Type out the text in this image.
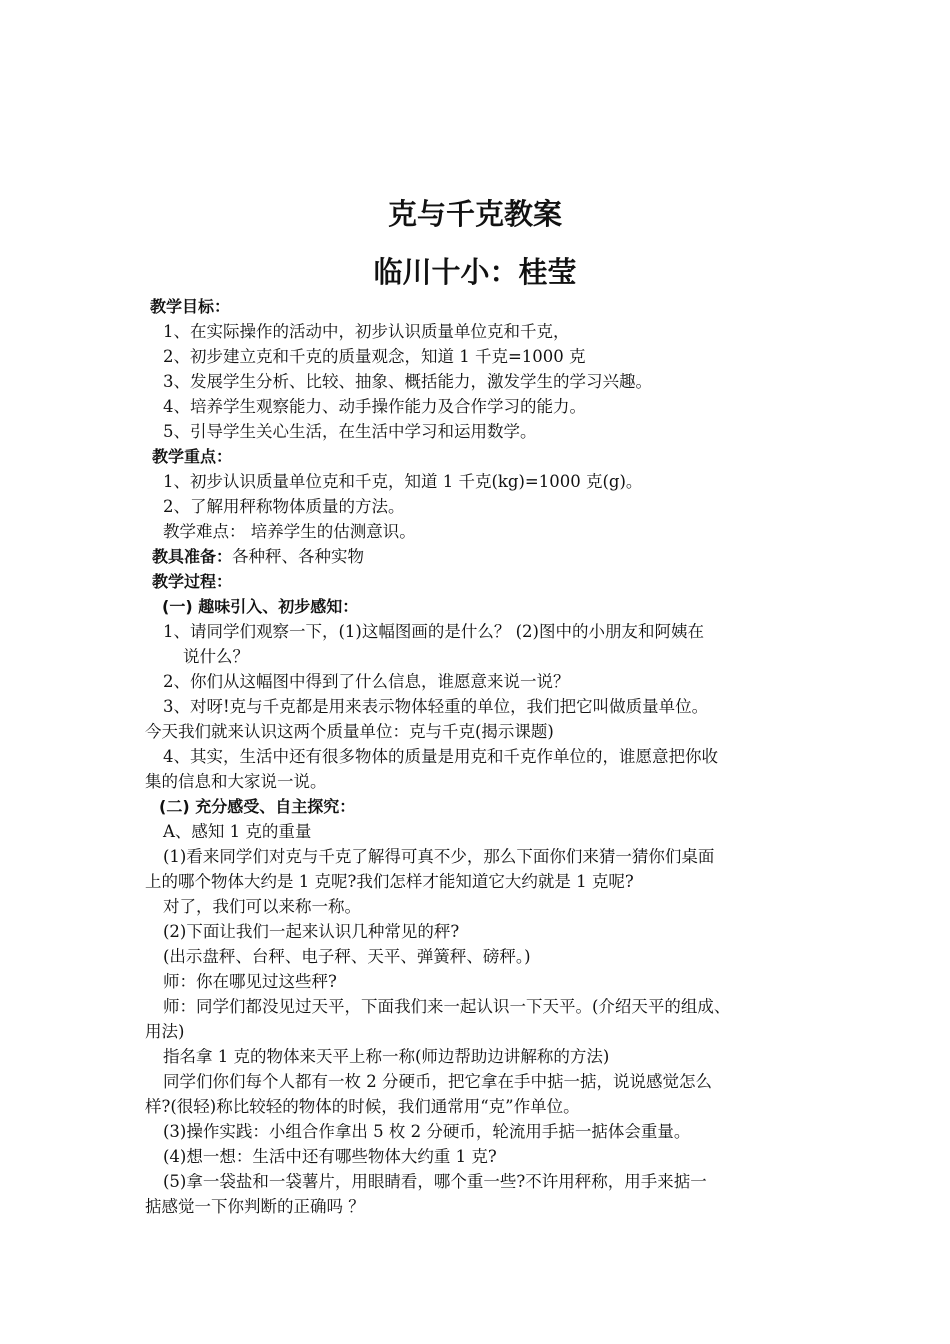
克与千克教案
临川十小：桂莹

教学目标：

1、在实际操作的活动中，初步认识质量单位克和千克，

2、初步建立克和千克的质量观念，知道 1 千克=1000 克

3、发展学生分析、比较、抽象、概括能力，激发学生的学习兴趣。

4、培养学生观察能力、动手操作能力及合作学习的能力。

5、引导学生关心生活，在生活中学习和运用数学。

教学重点：

1、初步认识质量单位克和千克，知道 1 千克(kg)=1000 克(g)。

2、了解用秤称物体质量的方法。

教学难点： 培养学生的估测意识。

教具准备：各种秤、各种实物

教学过程：

(一) 趣味引入、初步感知：

1、请同学们观察一下，(1)这幅图画的是什么？ (2)图中的小朋友和阿姨在

说什么？

2、你们从这幅图中得到了什么信息，谁愿意来说一说？

3、对呀!克与千克都是用来表示物体轻重的单位，我们把它叫做质量单位。

今天我们就来认识这两个质量单位：克与千克(揭示课题)

4、其实，生活中还有很多物体的质量是用克和千克作单位的，谁愿意把你收

集的信息和大家说一说。

(二) 充分感受、自主探究：

A、感知 1 克的重量

(1)看来同学们对克与千克了解得可真不少，那么下面你们来猜一猜你们桌面

上的哪个物体大约是 1 克呢?我们怎样才能知道它大约就是 1 克呢?

对了，我们可以来称一称。

(2)下面让我们一起来认识几种常见的秤?

(出示盘秤、台秤、电子秤、天平、弹簧秤、磅秤。)

师：你在哪见过这些秤?

师：同学们都没见过天平，下面我们来一起认识一下天平。(介绍天平的组成、

用法)

指名拿 1 克的物体来天平上称一称(师边帮助边讲解称的方法)

同学们你们每个人都有一枚 2 分硬币，把它拿在手中掂一掂，说说感觉怎么

样?(很轻)称比较轻的物体的时候，我们通常用“克”作单位。

(3)操作实践：小组合作拿出 5 枚 2 分硬币，轮流用手掂一掂体会重量。

(4)想一想：生活中还有哪些物体大约重 1 克?

(5)拿一袋盐和一袋薯片，用眼睛看，哪个重一些?不许用秤称，用手来掂一

掂感觉一下你判断的正确吗 ？
